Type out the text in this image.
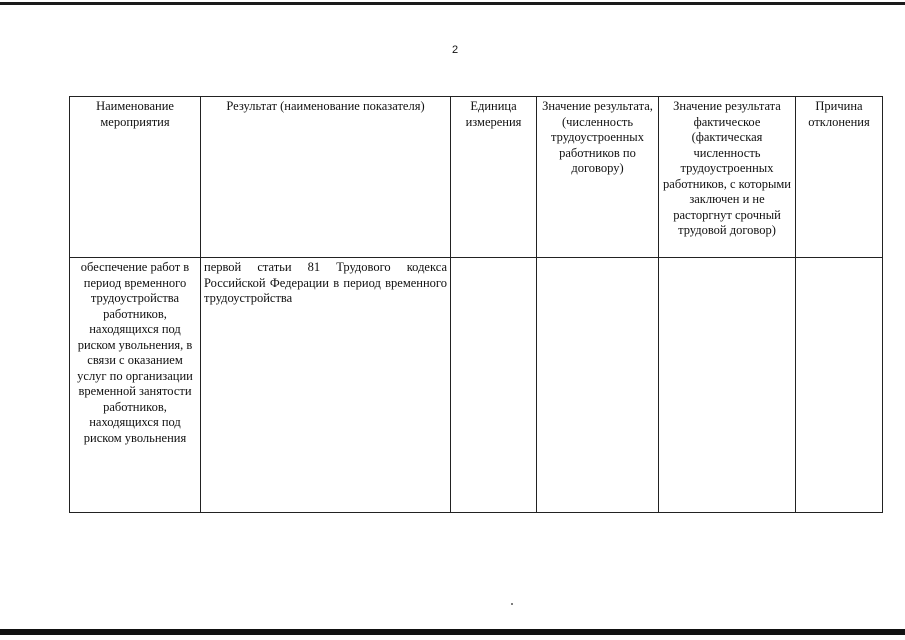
2
Наименование мероприятия	Результат (наименование показателя)	Единица измерения	Значение результата, (численность трудоустроенных работников по договору)	Значение результата фактическое (фактическая численность трудоустроенных работников, с которыми заключен и не расторгнут срочный трудовой договор)	Причина отклонения
обеспечение работ в период временного трудоустройства работников, находящихся под риском увольнения, в связи с оказанием услуг по организации временной занятости работников, находящихся под риском увольнения	первой статьи 81 Трудового кодекса Российской Федерации в период временного трудоустройства				
